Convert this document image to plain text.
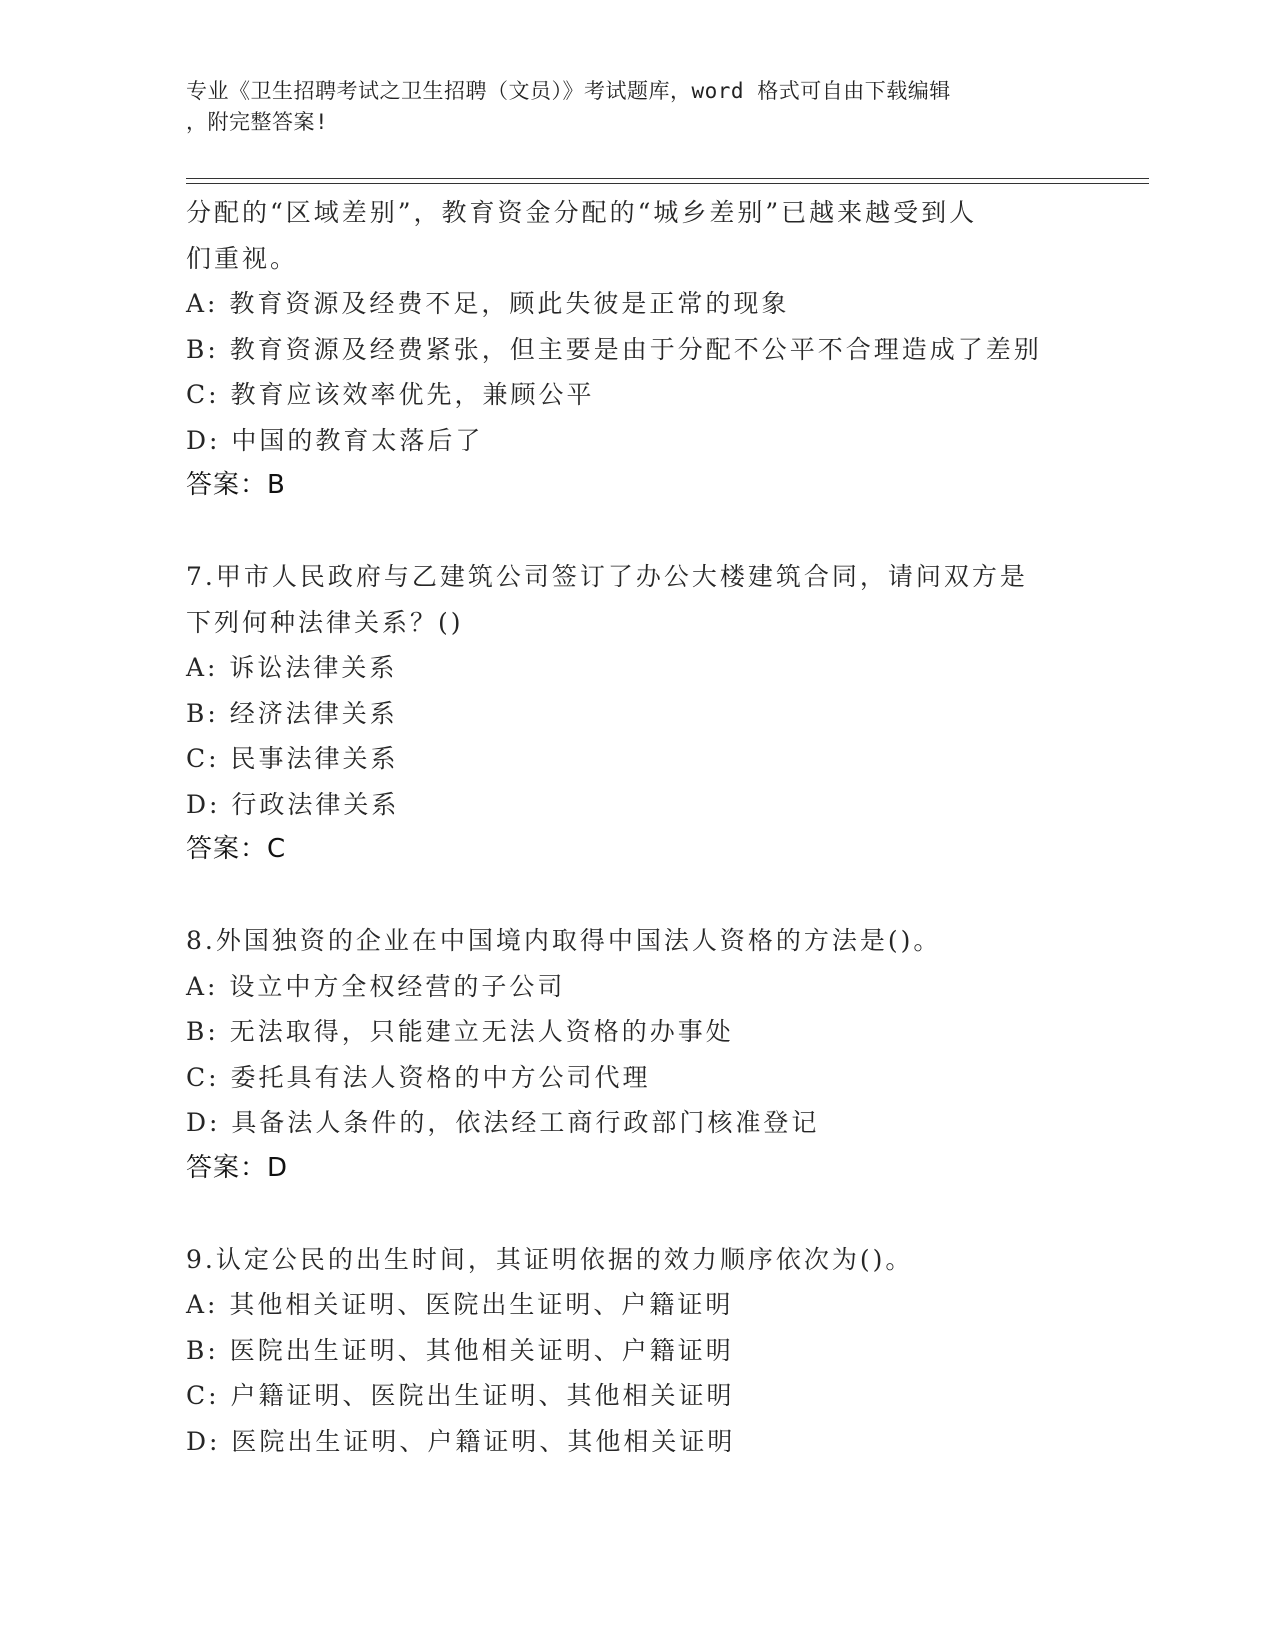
专业《卫生招聘考试之卫生招聘（文员）》考试题库，word 格式可自由下载编辑
，附完整答案!
分配的“区域差别”，教育资金分配的“城乡差别”已越来越受到人
们重视。
A: 教育资源及经费不足，顾此失彼是正常的现象
B: 教育资源及经费紧张，但主要是由于分配不公平不合理造成了差别
C: 教育应该效率优先，兼顾公平
D: 中国的教育太落后了
答案：B
7.甲市人民政府与乙建筑公司签订了办公大楼建筑合同，请问双方是
下列何种法律关系？()
A: 诉讼法律关系
B: 经济法律关系
C: 民事法律关系
D: 行政法律关系
答案：C
8.外国独资的企业在中国境内取得中国法人资格的方法是()。
A: 设立中方全权经营的子公司
B: 无法取得，只能建立无法人资格的办事处
C: 委托具有法人资格的中方公司代理
D: 具备法人条件的，依法经工商行政部门核准登记
答案：D
9.认定公民的出生时间，其证明依据的效力顺序依次为()。
A: 其他相关证明、医院出生证明、户籍证明
B: 医院出生证明、其他相关证明、户籍证明
C: 户籍证明、医院出生证明、其他相关证明
D: 医院出生证明、户籍证明、其他相关证明
